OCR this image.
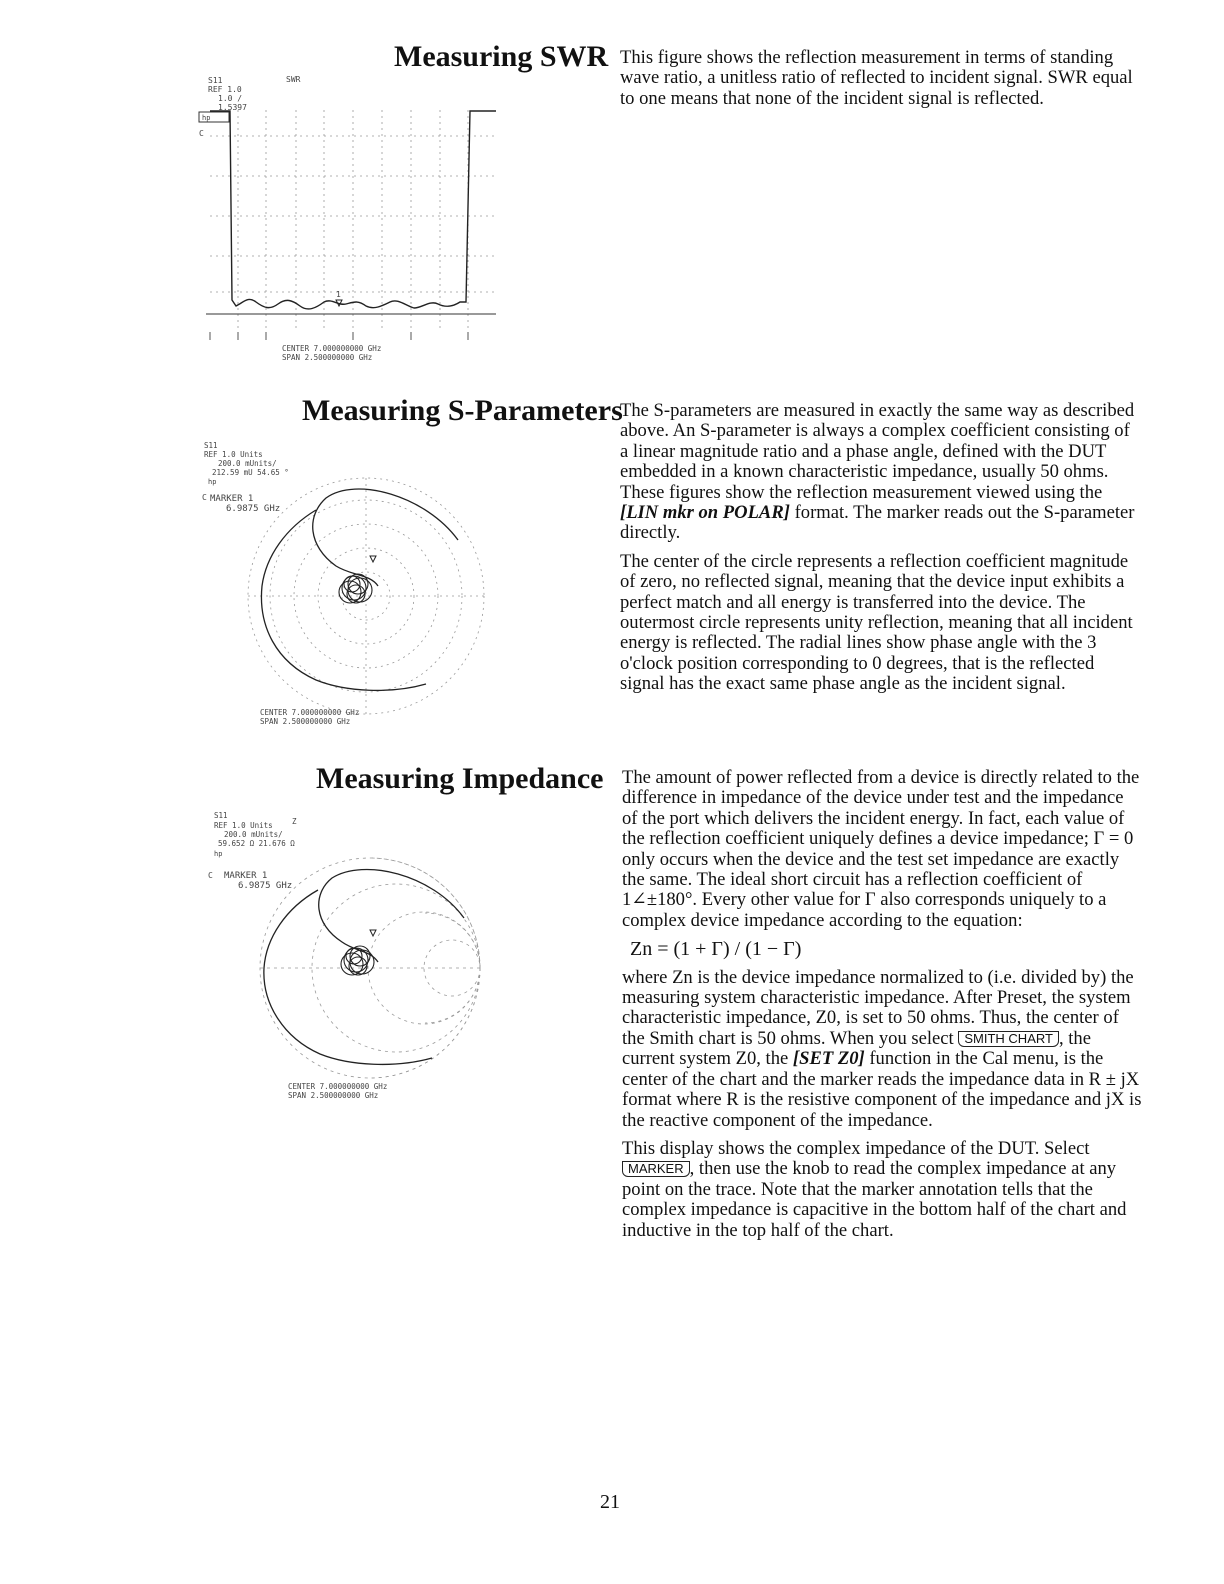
Measuring SWR
Measuring S-Parameters
Measuring Impedance

This figure shows the reflection measurement in terms of standing wave ratio, a unitless ratio of reflected to incident signal. SWR equal to one means that none of the incident signal is reflected.

The S-parameters are measured in exactly the same way as described above. An S-parameter is always a complex coefficient consisting of a linear magnitude ratio and a phase angle, defined with the DUT embedded in a known characteristic impedance, usually 50 ohms. These figures show the reflection measurement viewed using the [LIN mkr on POLAR] format. The marker reads out the S-parameter directly.

The center of the circle represents a reflection coefficient magnitude of zero, no reflected signal, meaning that the device input exhibits a perfect match and all energy is transferred into the device. The outermost circle represents unity reflection, meaning that all incident energy is reflected. The radial lines show phase angle with the 3 o'clock position corresponding to 0 degrees, that is the reflected signal has the exact same phase angle as the incident signal.

The amount of power reflected from a device is directly related to the difference in impedance of the device under test and the impedance of the port which delivers the incident energy. In fact, each value of the reflection coefficient uniquely defines a device impedance; Γ = 0 only occurs when the device and the test set impedance are exactly the same. The ideal short circuit has a reflection coefficient of 1∠±180°. Every other value for Γ also corresponds uniquely to a complex device impedance according to the equation:

Zn = (1 + Γ) / (1 − Γ)

where Zn is the device impedance normalized to (i.e. divided by) the measuring system characteristic impedance. After Preset, the system characteristic impedance, Z0, is set to 50 ohms. Thus, the center of the Smith chart is 50 ohms. When you select SMITH CHART , the current system Z0, the [SET Z0] function in the Cal menu, is the center of the chart and the marker reads the impedance data in R ± jX format where R is the resistive component of the impedance and jX is the reactive component of the impedance.

This display shows the complex impedance of the DUT. Select MARKER , then use the knob to read the complex impedance at any point on the trace. Note that the marker annotation tells that the complex impedance is capacitive in the bottom half of the chart and inductive in the top half of the chart.

S11	SWR
REF 1.0
1.0 /
1.5397
hp
C
1
CENTER 7.000000000 GHz
SPAN 2.500000000 GHz
S11
REF 1.0 Units
200.0 mUnits/
212.59 mU 54.65 °
hp
C MARKER 1
6.9875 GHz
CENTER 7.000000000 GHz
SPAN 2.500000000 GHz
S11
Z
REF 1.0 Units
200.0 mUnits/
59.652 Ω 21.676 Ω
hp
C MARKER 1
6.9875 GHz
CENTER 7.000000000 GHz
SPAN 2.500000000 GHz
21
